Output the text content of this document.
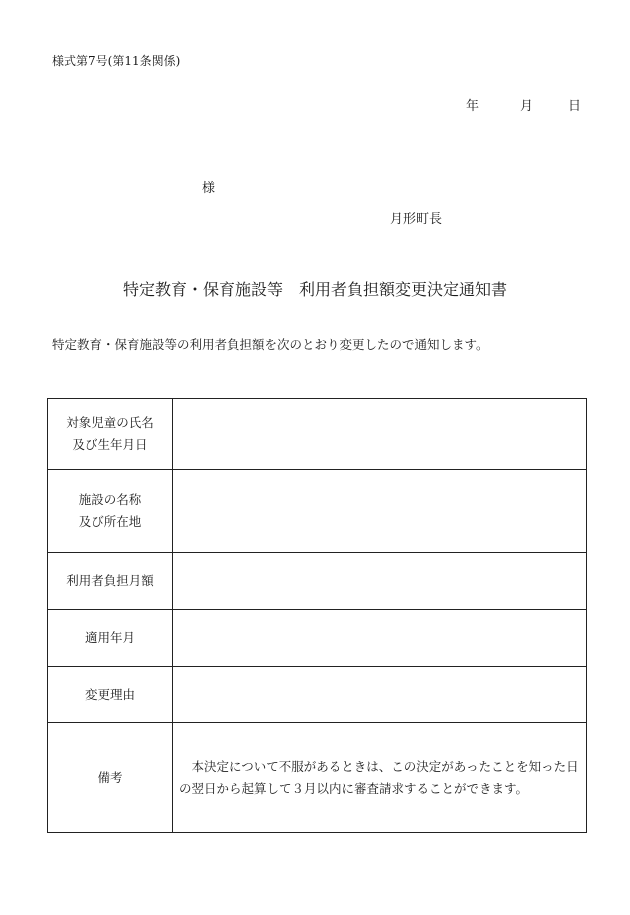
様式第7号(第11条関係)
年	月	日
様
月形町長
特定教育・保育施設等　利用者負担額変更決定通知書
特定教育・保育施設等の利用者負担額を次のとおり変更したので通知します。
対象児童の氏名
及び生年月日	

施設の名称
及び所在地	

利用者負担月額	

適用年月	

変更理由	

備考	　本決定について不服があるときは、この決定があったことを知った日
の翌日から起算して３月以内に審査請求することができます。
